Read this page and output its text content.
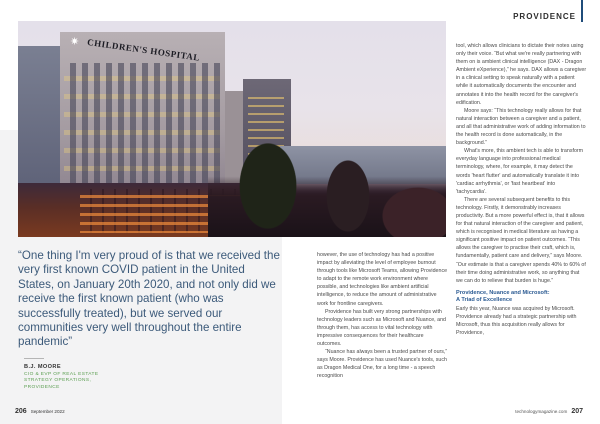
✷ CHILDREN'S HOSPITAL
PROVIDENCE
“One thing I'm very proud of is that we received the very first known COVID patient in the United States, on January 20th 2020, and not only did we receive the first known patient (who was successfully treated), but we served our communities very well throughout the entire pandemic”
B.J. MOORE
CIO & EVP OF REAL ESTATE
STRATEGY OPERATIONS,
PROVIDENCE

however, the use of technology has had a positive impact by alleviating the level of employee burnout through tools like Microsoft Teams, allowing Providence to adapt to the remote work environment where possible, and technologies like ambient artificial intelligence, to reduce the amount of administrative work for frontline caregivers.

Providence has built very strong partnerships with technology leaders such as Microsoft and Nuance, and through them, has access to vital technology with impressive consequences for their healthcare outcomes.

“Nuance has always been a trusted partner of ours,” says Moore. Providence has used Nuance's tools, such as Dragon Medical One, for a long time - a speech recognition

tool, which allows clinicians to dictate their notes using only their voice. “But what we're really partnering with them on is ambient clinical intelligence (DAX - Dragon Ambient eXperience),” he says. DAX allows a caregiver in a clinical setting to speak naturally with a patient while it automatically documents the encounter and annotates it into the health record for the caregiver's edification.

Moore says: “This technology really allows for that natural interaction between a caregiver and a patient, and all that administrative work of adding information to the health record is done automatically, in the background.”

What's more, this ambient tech is able to transform everyday language into professional medical terminology, where, for example, it may detect the words 'heart flutter' and automatically translate it into 'cardiac arrhythmia', or 'fast heartbeat' into 'tachycardia'.

There are several subsequent benefits to this technology. Firstly, it demonstrably increases productivity. But a more powerful effect is, that it allows for that natural interaction of the caregiver and patient, which is recognised in medical literature as having a significant positive impact on patient outcomes. “This allows the caregiver to practise their craft, which is, fundamentally, patient care and delivery,” says Moore. “Our estimate is that a caregiver spends 40% to 60% of their time doing administrative work, so anything that we can do to relieve that burden is huge.”

Providence, Nuance and Microsoft:
A Triad of Excellence

Early this year, Nuance was acquired by Microsoft. Providence already had a strategic partnership with Microsoft, thus this acquisition really allows for Providence,

206 September 2022	technologymagazine.com 207
